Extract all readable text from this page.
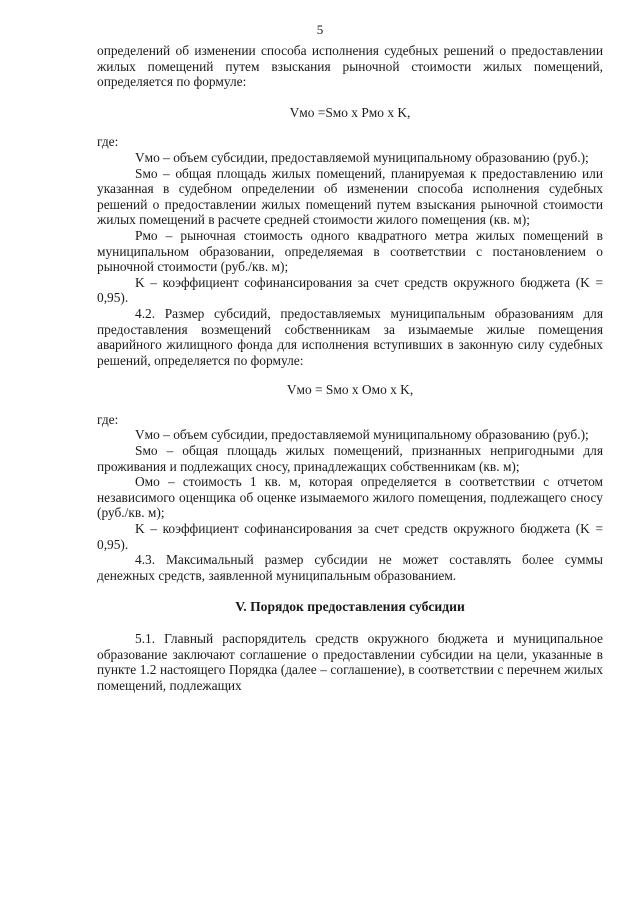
5

определений об изменении способа исполнения судебных решений о предоставлении жилых помещений путем взыскания рыночной стоимости жилых помещений, определяется по формуле:

Vмо =Sмо x Pмо x K,

где:

Vмо – объем субсидии, предоставляемой муниципальному образованию (руб.);

Sмо – общая площадь жилых помещений, планируемая к предоставлению или указанная в судебном определении об изменении способа исполнения судебных решений о предоставлении жилых помещений путем взыскания рыночной стоимости жилых помещений в расчете средней стоимости жилого помещения (кв. м);

Pмо – рыночная стоимость одного квадратного метра жилых помещений в муниципальном образовании, определяемая в соответствии с постановлением о рыночной стоимости (руб./кв. м);

K – коэффициент софинансирования за счет средств окружного бюджета (K = 0,95).

4.2. Размер субсидий, предоставляемых муниципальным образованиям для предоставления возмещений собственникам за изымаемые жилые помещения аварийного жилищного фонда для исполнения вступивших в законную силу судебных решений, определяется по формуле:

Vмо = Sмо x Омо x K,

где:

Vмо – объем субсидии, предоставляемой муниципальному образованию (руб.);

Sмо – общая площадь жилых помещений, признанных непригодными для проживания и подлежащих сносу, принадлежащих собственникам (кв. м);

Омо – стоимость 1 кв. м, которая определяется в соответствии с отчетом независимого оценщика об оценке изымаемого жилого помещения, подлежащего сносу (руб./кв. м);

K – коэффициент софинансирования за счет средств окружного бюджета (K = 0,95).

4.3. Максимальный размер субсидии не может составлять более суммы денежных средств, заявленной муниципальным образованием.

V. Порядок предоставления субсидии

5.1. Главный распорядитель средств окружного бюджета и муниципальное образование заключают соглашение о предоставлении субсидии на цели, указанные в пункте 1.2 настоящего Порядка (далее – соглашение), в соответствии с перечнем жилых помещений, подлежащих
